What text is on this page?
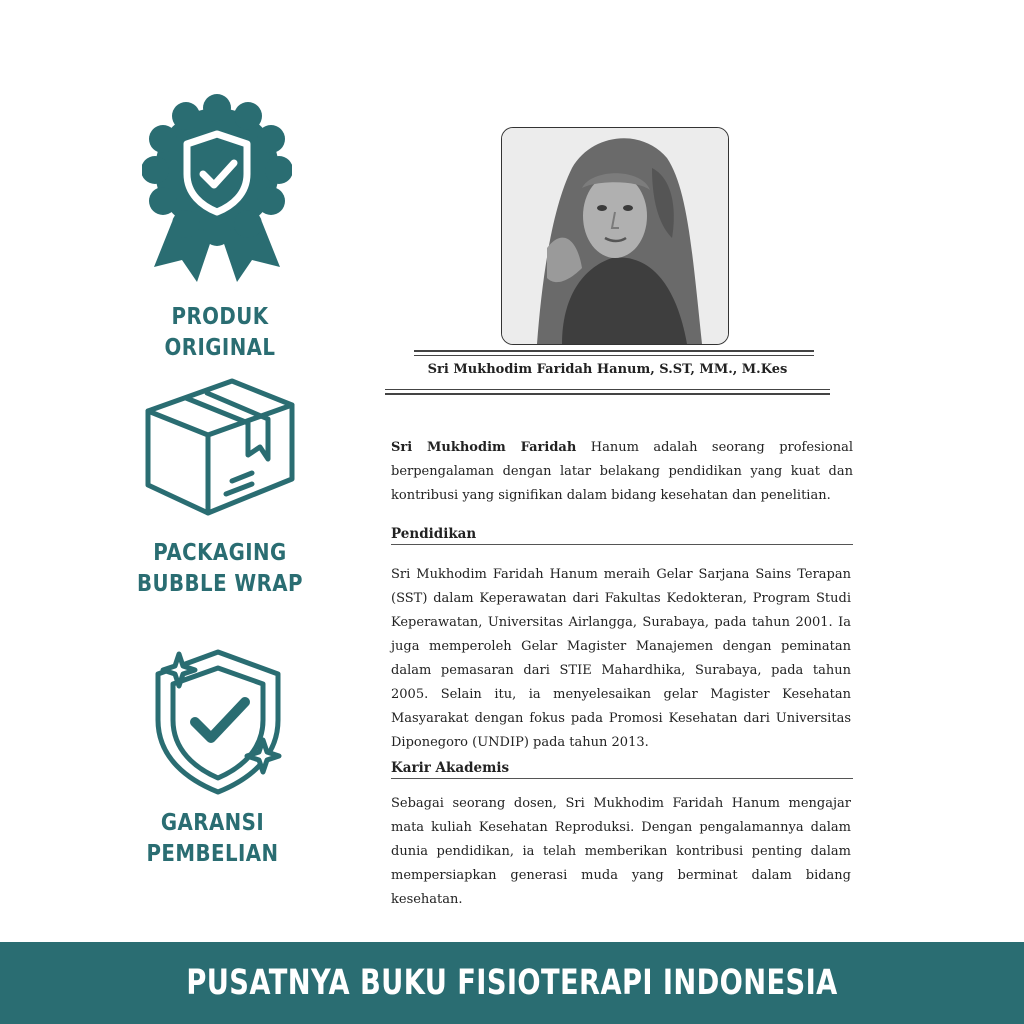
PRODUK ORIGINAL
PACKAGING
BUBBLE WRAP
GARANSI
PEMBELIAN
Sri Mukhodim Faridah Hanum, S.ST, MM., M.Kes
Sri Mukhodim Faridah Hanum adalah seorang profesional berpengalaman dengan latar belakang pendidikan yang kuat dan kontribusi yang signifikan dalam bidang kesehatan dan penelitian.
Pendidikan
Sri Mukhodim Faridah Hanum meraih Gelar Sarjana Sains Terapan (SST) dalam Keperawatan dari Fakultas Kedokteran, Program Studi Keperawatan, Universitas Airlangga, Surabaya, pada tahun 2001. Ia juga memperoleh Gelar Magister Manajemen dengan peminatan dalam pemasaran dari STIE Mahardhika, Surabaya, pada tahun 2005. Selain itu, ia menyelesaikan gelar Magister Kesehatan Masyarakat dengan fokus pada Promosi Kesehatan dari Universitas Diponegoro (UNDIP) pada tahun 2013.
Karir Akademis
Sebagai seorang dosen, Sri Mukhodim Faridah Hanum mengajar mata kuliah Kesehatan Reproduksi. Dengan pengalamannya dalam dunia pendidikan, ia telah memberikan kontribusi penting dalam mempersiapkan generasi muda yang berminat dalam bidang kesehatan.
PUSATNYA BUKU FISIOTERAPI INDONESIA
